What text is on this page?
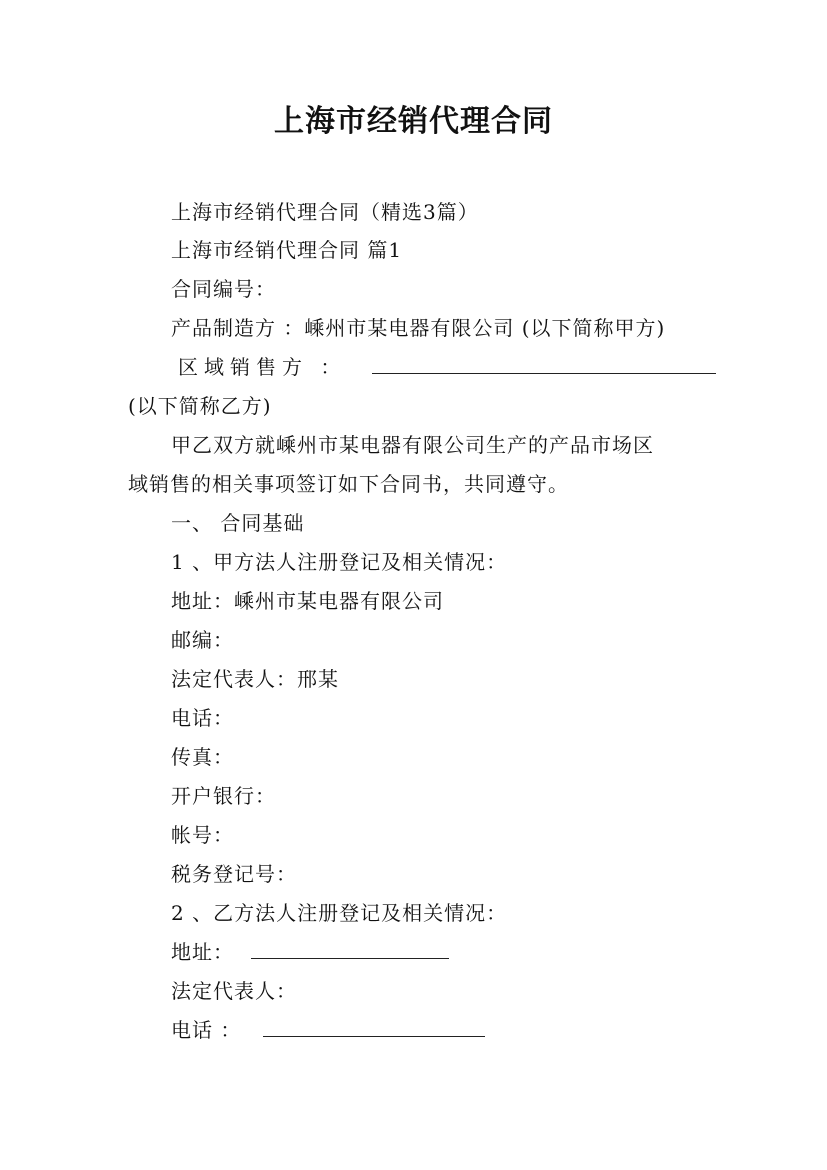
上海市经销代理合同
上海市经销代理合同（精选3篇）
上海市经销代理合同 篇1
合同编号：
产品制造方 ：嵊州市某电器有限公司 (以下简称甲方)
区域销售方 ：
(以下简称乙方)
甲乙双方就嵊州市某电器有限公司生产的产品市场区
域销售的相关事项签订如下合同书，共同遵守。
一、 合同基础
1 、甲方法人注册登记及相关情况：
地址：嵊州市某电器有限公司
邮编：
法定代表人：邢某
电话：
传真：
开户银行：
帐号：
税务登记号：
2 、乙方法人注册登记及相关情况：
地址：
法定代表人：
电话 ：
